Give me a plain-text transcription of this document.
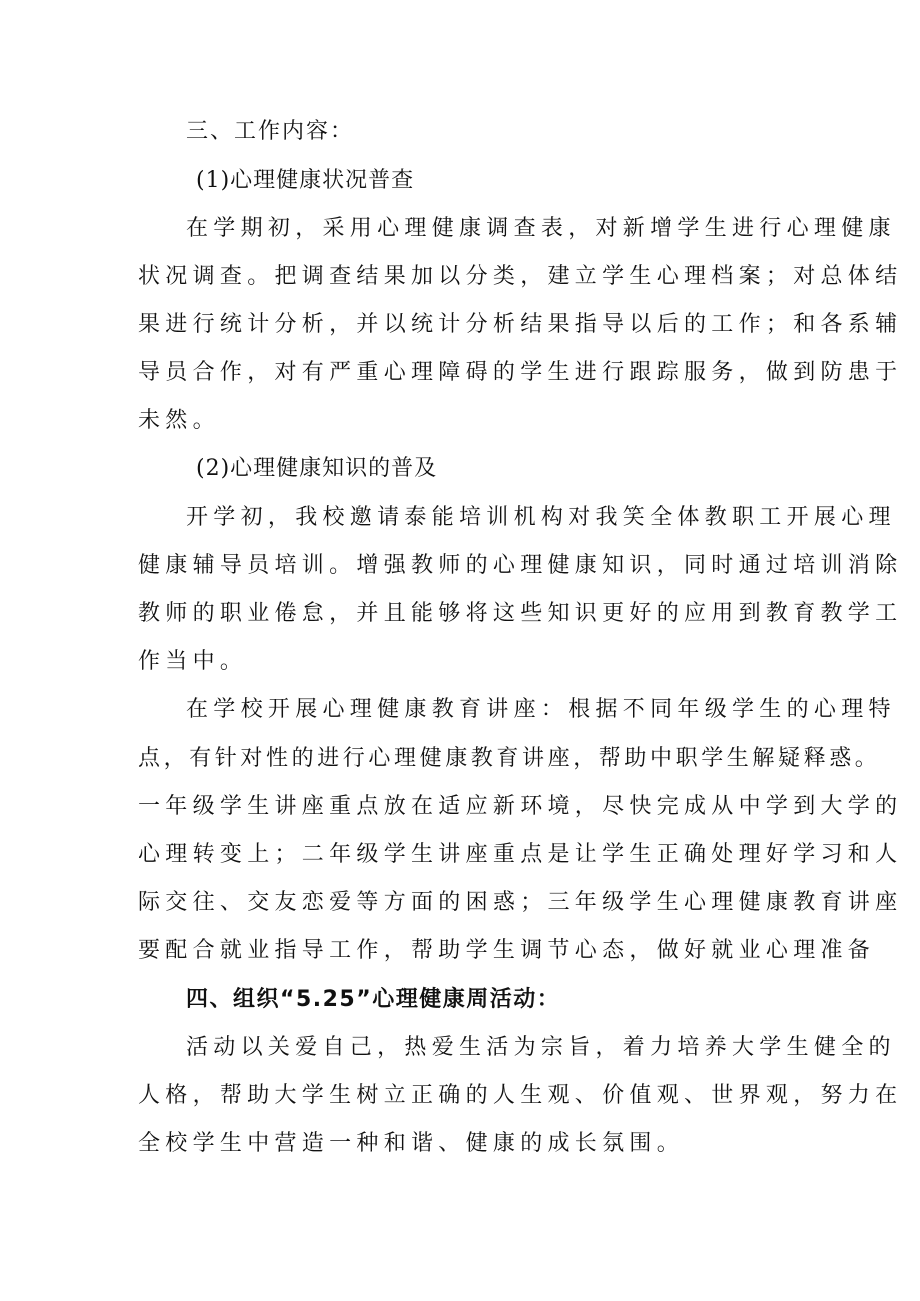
三、工作内容：
(1)心理健康状况普查
在学期初，采用心理健康调查表，对新增学生进行心理健康
状况调查。把调查结果加以分类，建立学生心理档案；对总体结
果进行统计分析，并以统计分析结果指导以后的工作；和各系辅
导员合作，对有严重心理障碍的学生进行跟踪服务，做到防患于
未然。
(2)心理健康知识的普及
开学初，我校邀请泰能培训机构对我笑全体教职工开展心理
健康辅导员培训。增强教师的心理健康知识，同时通过培训消除
教师的职业倦怠，并且能够将这些知识更好的应用到教育教学工
作当中。
在学校开展心理健康教育讲座：根据不同年级学生的心理特
点，有针对性的进行心理健康教育讲座，帮助中职学生解疑释惑。
一年级学生讲座重点放在适应新环境，尽快完成从中学到大学的
心理转变上；二年级学生讲座重点是让学生正确处理好学习和人
际交往、交友恋爱等方面的困惑；三年级学生心理健康教育讲座
要配合就业指导工作，帮助学生调节心态，做好就业心理准备
四、组织“5.25”心理健康周活动：
活动以关爱自己，热爱生活为宗旨，着力培养大学生健全的
人格，帮助大学生树立正确的人生观、价值观、世界观，努力在
全校学生中营造一种和谐、健康的成长氛围。
